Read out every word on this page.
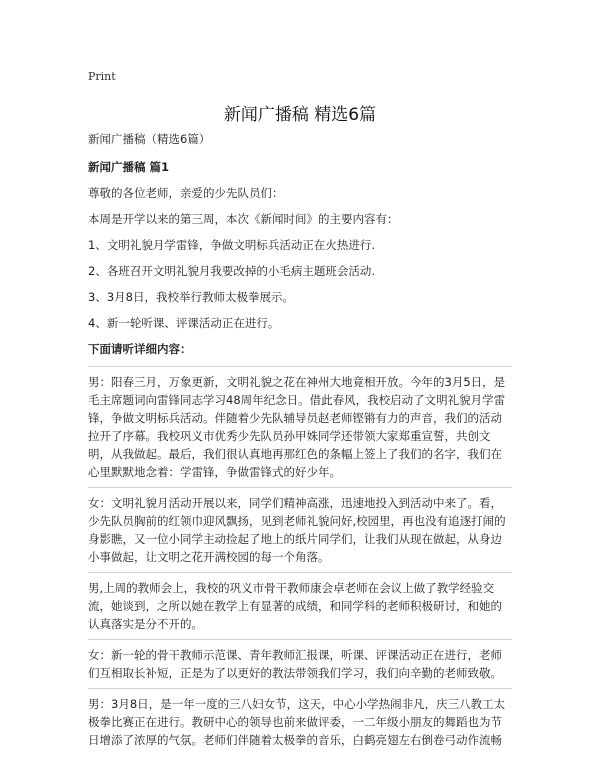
Print
新闻广播稿 精选6篇
新闻广播稿（精选6篇）
新闻广播稿 篇1
尊敬的各位老师，亲爱的少先队员们：
本周是开学以来的第三周，本次《新闻时间》的主要内容有：
1、文明礼貌月学雷锋，争做文明标兵活动正在火热进行.
2、各班召开文明礼貌月我要改掉的小毛病主题班会活动.
3、3月8日，我校举行教师太极拳展示。
4、新一轮听课、评课活动正在进行。
下面请听详细内容：

男：阳春三月，万象更新，文明礼貌之花在神州大地竟相开放。今年的3月5日，是毛主席题词向雷锋同志学习48周年纪念日。借此春风，我校启动了文明礼貌月学雷锋，争做文明标兵活动。伴随着少先队辅导员赵老师铿锵有力的声音，我们的活动拉开了序幕。我校巩义市优秀少先队员孙甲姝同学还带领大家郑重宣誓，共创文明，从我做起。最后，我们很认真地再那红色的条幅上签上了我们的名字，我们在心里默默地念着：学雷锋，争做雷锋式的好少年。

女：文明礼貌月活动开展以来，同学们精神高涨，迅速地投入到活动中来了。看，少先队员胸前的红领巾迎风飘扬，见到老师礼貌问好,校园里，再也没有追逐打闹的身影瞧，又一位小同学主动捡起了地上的纸片同学们，让我们从现在做起，从身边小事做起，让文明之花开满校园的每一个角落。

男,上周的教师会上，我校的巩义市骨干教师康会卓老师在会议上做了教学经验交流，她谈到，之所以她在教学上有显著的成绩，和同学科的老师积极研讨，和她的认真落实是分不开的。

女：新一轮的骨干教师示范课、青年教师汇报课，听课、评课活动正在进行，老师们互相取长补短，正是为了以更好的教法带领我们学习，我们向辛勤的老师致敬。

男：3月8日，是一年一度的三八妇女节，这天，中心小学热闹非凡，庆三八教工太极拳比赛正在进行。教研中心的领导也前来做评委，一二年级小朋友的舞蹈也为节日增添了浓厚的气氛。老师们伴随着太极拳的音乐，白鹤亮翅左右倒卷弓动作流畅
